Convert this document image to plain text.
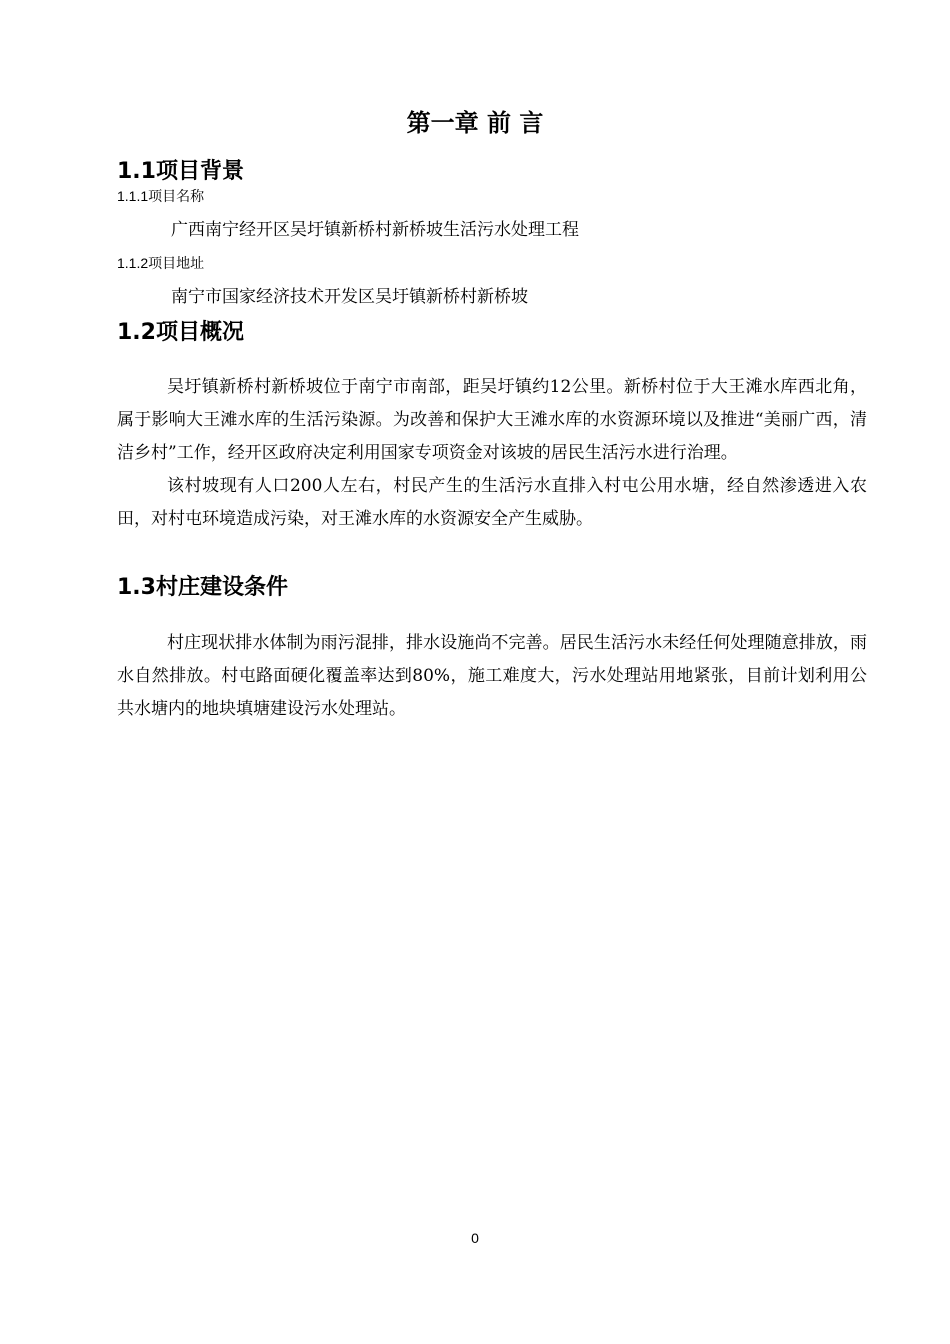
第一章 前 言
1.1项目背景
1.1.1项目名称
广西南宁经开区吴圩镇新桥村新桥坡生活污水处理工程
1.1.2项目地址
南宁市国家经济技术开发区吴圩镇新桥村新桥坡
1.2项目概况

吴圩镇新桥村新桥坡位于南宁市南部，距吴圩镇约12公里。新桥村位于大王滩水库西北角，属于影响大王滩水库的生活污染源。为改善和保护大王滩水库的水资源环境以及推进“美丽广西，清洁乡村”工作，经开区政府决定利用国家专项资金对该坡的居民生活污水进行治理。

该村坡现有人口200人左右，村民产生的生活污水直排入村屯公用水塘，经自然渗透进入农田，对村屯环境造成污染，对王滩水库的水资源安全产生威胁。

1.3村庄建设条件

村庄现状排水体制为雨污混排，排水设施尚不完善。居民生活污水未经任何处理随意排放，雨水自然排放。村屯路面硬化覆盖率达到80%，施工难度大，污水处理站用地紧张，目前计划利用公共水塘内的地块填塘建设污水处理站。

0
